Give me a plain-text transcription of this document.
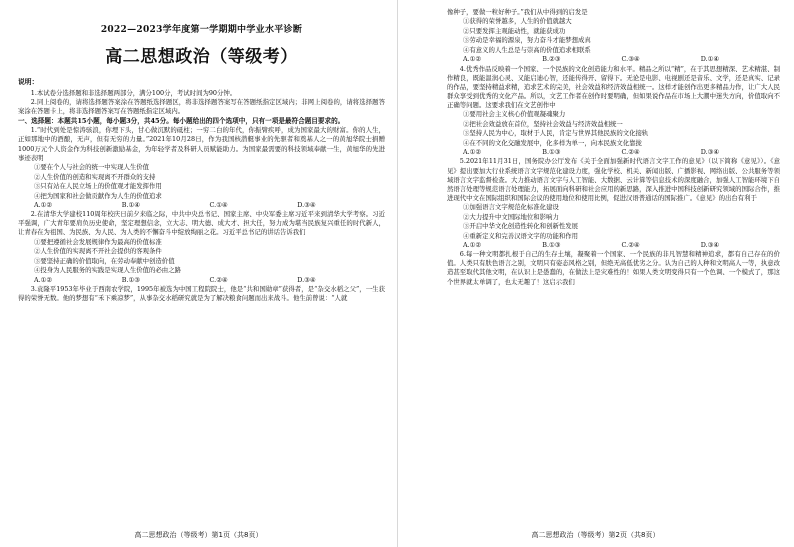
2022—2023学年度第一学期期中学业水平诊断
高二思想政治（等级考）
说明：
1.本试卷分选择题和非选择题两部分，满分100分，考试时间为90分钟。
2.同上阅卷的，请将选择题答案涂在答题纸选择题区，将非选择题答案写在答题纸指定区域内；非网上阅卷的，请将选择题答案涂在答题卡上，将非选择题答案写在答题纸指定区域内。
一、选择题：本题共15小题，每小题3分，共45分。每小题给出的四个选项中，只有一项是最符合题目要求的。
1.“时代到处是惊涛骇浪，你埋下头，甘心做沉默的砥柱；一穷二白的年代，你振臂疾呼，成为国家最大的财富。你的人生，正如那地中的酒酿，无声，但有无穷的力量。”2021年10月28日，作为我国核潜艇事业的先驱者和奠基人之一的黄旭华院士捐赠1000万元个人资金作为科技创新激励基金，为年轻学者及科研人员赋能助力。为国家最需要的科技领域奉献一生，黄旭华的先进事迹表明
①要在个人与社会的统一中实现人生价值
②人生价值的创造和实现离不开群众的支持
③只有站在人民立场上的价值观才能发挥作用
④把为国家和社会做贡献作为人生的价值追求
A.①②	B.①④	C.①④	D.③④
2.在清华大学建校110周年校庆日前夕来临之际，中共中央总书记、国家主席、中央军委主席习近平来到清华大学考察。习近平强调，广大青年要肩负历史使命，坚定理想信念，立大志、明大德、成大才、担大任，努力成为堪当民族复兴重任的时代新人，让青春在为祖国、为民族、为人民、为人类的不懈奋斗中绽放绚丽之花。习近平总书记的讲话告诉我们
①要把遵循社会发展规律作为最高的价值标准
②人生价值的实现离不开社会提供的客观条件
③要坚持正确的价值取向，在劳动奉献中创造价值
④投身为人民服务的实践是实现人生价值的必由之路
A.①②	B.①③	C.②④	D.③④
3.袁隆平1953年毕业于西南农学院，1995年被选为中国工程院院士，他是“共和国勋章”获得者，是“杂交水稻之父”，一生获得的荣誉无数。他的梦想有“禾下乘凉梦”，从事杂交水稻研究就是为了解决粮食问题而出来战斗。他生前曾说：“人就
高二思想政治（等级考）第1页（共8页）
像种子，要做一粒好种子。”我们从中得到的启发是
①获得的荣誉越多，人生的价值就越大
②只要发挥主观能动性，就能获成功
③劳动是幸福的源泉，努力奋斗才能梦想成真
④有意义的人生总是与崇高的价值追求相联系
A.①②	B.②③	C.③④	D.①④
4.优秀作品反映着一个国家、一个民族的文化创造能力和水平。精品之所以“精”，在于其思想精深、艺术精湛、制作精良，既能温润心灵、又能启迪心智，还能传得开、留得下。无论是电影、电视剧还是音乐、文学，还是真实、记录的作品，要坚持精益求精，追求艺术的完美，社会效益和经济效益相统一。这样才能创作出更多精品力作，让广大人民群众享受到优秀的文化产品。所以，文艺工作者在创作时要明确，但如果说作品在市场上大潮中迷失方向，价值取向不正确等问题。这要求我们在文艺创作中
①要用社会主义核心价值观凝魂聚力
②把社会效益放在首位，坚持社会效益与经济效益相统一
③坚持人民为中心，取材于人民，肯定与世界其他民族的文化接轨
④在不同的文化交融发展中，化多样为单一，向本民族文化靠拢
A.①②	B.①③	C.②④	D.③④
5.2021年11月31日，国务院办公厅发布《关于全面加强新时代语言文字工作的意见》（以下简称《意见》）。《意见》提出要加大行业系统语言文字规范化建设力度，强化学校、机关、新闻出版、广播影视、网络出版、公共服务等领域语言文字监督检查。大力推动语言文字与人工智能、大数据、云计算等信息技术的深度融合，加强人工智能环境下自然语言处理等规范语言处理能力，拓展面向科研和社会应用的新思路，深入推进中国科技创新研究领域的国际合作，推进现代中文在国际组织和国际会议的使用地位和使用比例，促进汉语普通话的国际推广。《意见》的出台有利于
①加强语言文字规范化标准化建设
②大力提升中文国际地位和影响力
③开启中华文化创造性转化和创新性发展
④重新定义和完善汉语文字的功能和作用
A.①②	B.①③	C.②④	D.③④
6.每一种文明都扎根于自己的生存土壤，凝聚着一个国家、一个民族的非凡智慧和精神追求，都有自己存在的价值。人类只有肤色语言之别，文明只有姿态风格之别，但绝无高低优劣之分。认为自己的人种和文明高人一等，执意改造甚至取代其他文明，在认识上是愚蠢的，在做法上是灾难性的！如果人类文明变得只有一个色调、一个模式了，那这个世界就太单调了，也太无趣了！这启示我们
高二思想政治（等级考）第2页（共8页）
